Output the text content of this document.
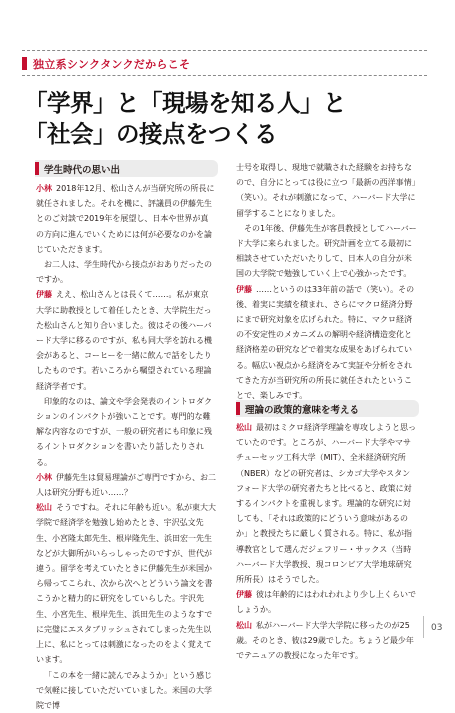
独立系シンクタンクだからこそ
「学界」と「現場を知る人」と
「社会」の接点をつくる
学生時代の思い出

小林 2018年12月、松山さんが当研究所の所長に就任されました。それを機に、評議員の伊藤先生とのご対談で2019年を展望し、日本や世界が真の方向に進んでいくためには何が必要なのかを論じていただきます。

お二人は、学生時代から接点がおありだったのですか。

伊藤 ええ、松山さんとは長くて……。私が東京大学に助教授として着任したとき、大学院生だった松山さんと知り合いました。彼はその後ハーバード大学に移るのですが、私も同大学を訪れる機会があると、コーヒーを一緒に飲んで話をしたりしたものです。若いころから嘱望されている理論経済学者です。

印象的なのは、論文や学会発表のイントロダクションのインパクトが強いことです。専門的な難解な内容なのですが、一般の研究者にも印象に残るイントロダクションを書いたり話したりされる。

小林 伊藤先生は貿易理論がご専門ですから、お二人は研究分野も近い……？

松山 そうですね。それに年齢も近い。私が東大大学院で経済学を勉強し始めたとき、宇沢弘文先生、小宮隆太郎先生、根岸隆先生、浜田宏一先生などが大御所がいらっしゃったのですが、世代が違う。留学を考えていたときに伊藤先生が米国から帰ってこられ、次から次へとどういう論文を書こうかと精力的に研究をしていらした。宇沢先生、小宮先生、根岸先生、浜田先生のようなすでに完璧にエスタブリッシュされてしまった先生以上に、私にとっては刺激になったのをよく覚えています。

「この本を一緒に読んでみようか」という感じで気軽に接していただいていました。米国の大学院で博

士号を取得し、現地で就職された経験をお持ちなので、自分にとっては役に立つ「最新の西洋事情」（笑い）。それが刺激になって、ハーバード大学に留学することになりました。

その1年後、伊藤先生が客員教授としてハーバード大学に来られました。研究計画を立てる最初に相談させていただいたりして、日本人の自分が米国の大学院で勉強していく上で心強かったです。

伊藤 ……というのは33年前の話で（笑い）。その後、着実に実績を積まれ、さらにマクロ経済分野にまで研究対象を広げられた。特に、マクロ経済の不安定性のメカニズムの解明や経済構造変化と経済格差の研究などで着実な成果をあげられている。幅広い視点から経済をみて実証や分析をされてきた方が当研究所の所長に就任されたということで、楽しみです。

理論の政策的意味を考える

松山 最初はミクロ経済学理論を専攻しようと思っていたのです。ところが、ハーバード大学やマサチューセッツ工科大学（MIT）、全米経済研究所（NBER）などの研究者は、シカゴ大学やスタンフォード大学の研究者たちと比べると、政策に対するインパクトを重視します。理論的な研究に対しても、「それは政策的にどういう意味があるのか」と教授たちに厳しく質される。特に、私が指導教官として選んだジェフリー・サックス（当時ハーバード大学教授、現コロンビア大学地球研究所所長）はそうでした。

伊藤 彼は年齢的にはわれわれより少し上くらいでしょうか。

松山 私がハーバード大学大学院に移ったのが25歳。そのとき、彼は29歳でした。ちょうど最少年でテニュアの教授になった年です。

03
